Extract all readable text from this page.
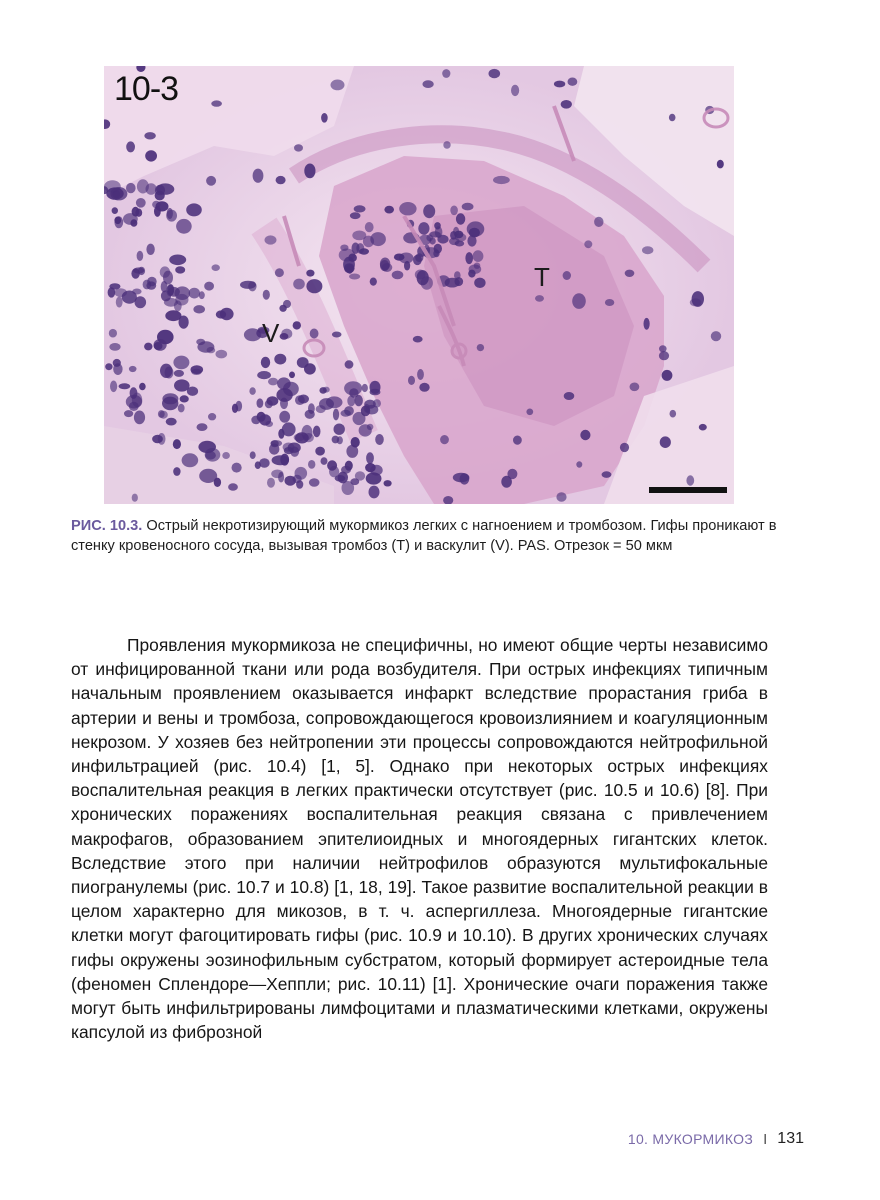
10-3
T
V
РИС. 10.3. Острый некротизирующий мукормикоз легких с нагноением и тромбозом. Гифы проникают в стенку кровеносного сосуда, вызывая тромбоз (Т) и васкулит (V). PAS. Отрезок = 50 мкм

Проявления мукормикоза не специфичны, но имеют общие черты независимо от инфицированной ткани или рода возбудителя. При острых инфекциях типичным начальным проявлением оказывается инфаркт вследствие прорастания гриба в артерии и вены и тромбоза, сопровождающегося кровоизлиянием и коагуляционным некрозом. У хозяев без нейтропении эти процессы сопровождаются нейтрофильной инфильтрацией (рис. 10.4) [1, 5]. Однако при некоторых острых инфекциях воспалительная реакция в легких практически отсутствует (рис. 10.5 и 10.6) [8]. При хронических поражениях воспалительная реакция связана с привлечением макрофагов, образованием эпителиоидных и многоядерных гигантских клеток. Вследствие этого при наличии нейтрофилов образуются мультифокальные пиогранулемы (рис. 10.7 и 10.8) [1, 18, 19]. Такое развитие воспалительной реакции в целом характерно для микозов, в т. ч. аспергиллеза. Многоядерные гигантские клетки могут фагоцитировать гифы (рис. 10.9 и 10.10). В других хронических случаях гифы окружены эозинофильным субстратом, который формирует астероидные тела (феномен Сплендоре—Хеппли; рис. 10.11) [1]. Хронические очаги поражения также могут быть инфильтрированы лимфоцитами и плазматическими клетками, окружены капсулой из фиброзной

10. МУКОРМИКОЗ I 131
